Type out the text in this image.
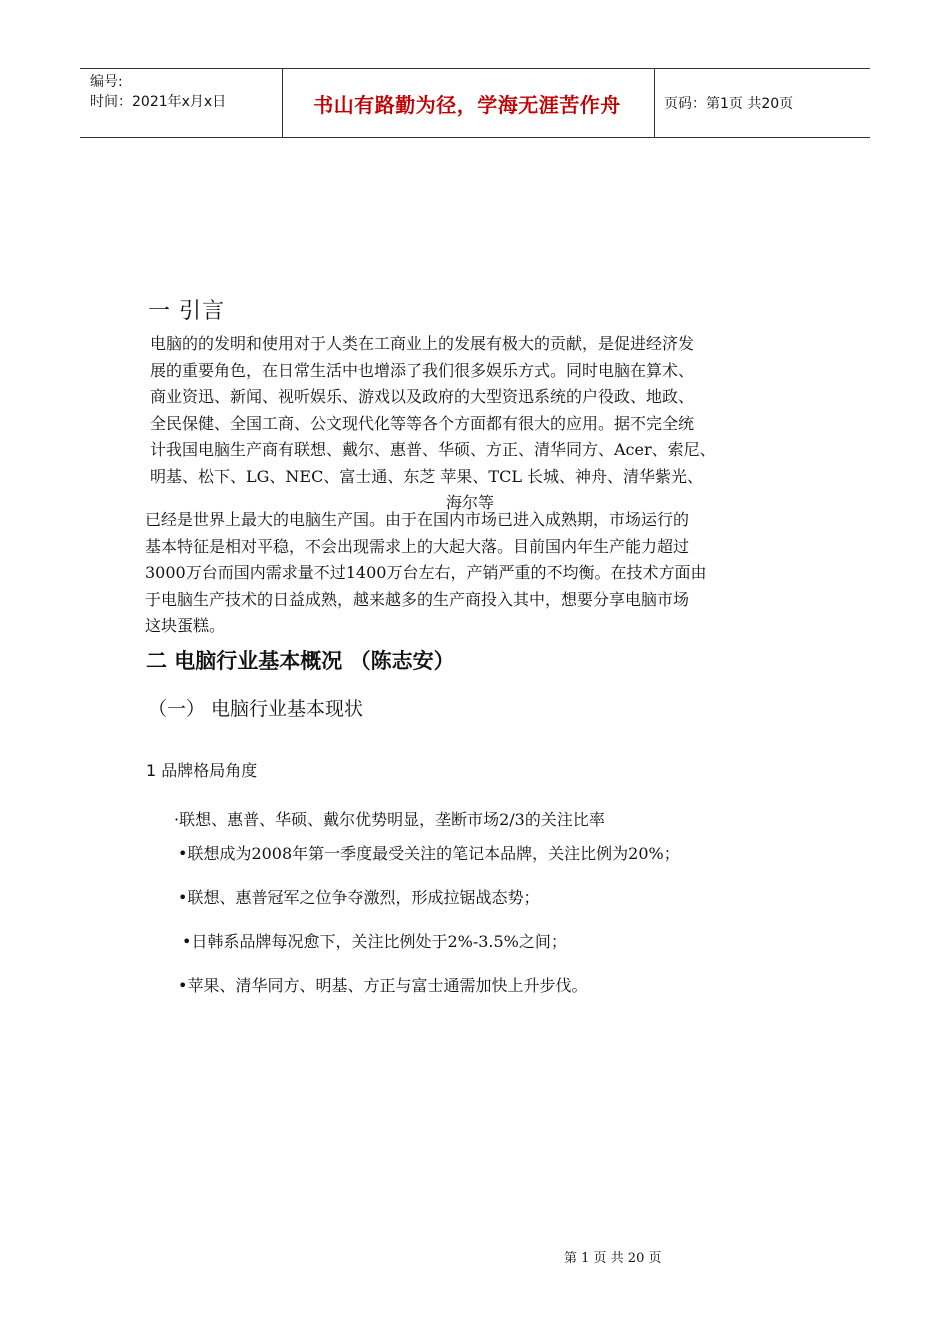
编号:
时间：2021年x月x日	书山有路勤为径，学海无涯苦作舟	页码：第1页 共20页
一 引言

电脑的的发明和使用对于人类在工商业上的发展有极大的贡献，是促进经济发

展的重要角色，在日常生活中也增添了我们很多娱乐方式。同时电脑在算术、

商业资迅、新闻、视听娱乐、游戏以及政府的大型资迅系统的户役政、地政、

全民保健、全国工商、公文现代化等等各个方面都有很大的应用。据不完全统

计我国电脑生产商有联想、戴尔、惠普、华硕、方正、清华同方、Acer、索尼、

明基、松下、LG、NEC、富士通、东芝 苹果、TCL 长城、神舟、清华紫光、

海尔等

已经是世界上最大的电脑生产国。由于在国内市场已进入成熟期，市场运行的

基本特征是相对平稳，不会出现需求上的大起大落。目前国内年生产能力超过

3000万台而国内需求量不过1400万台左右，产销严重的不均衡。在技术方面由

于电脑生产技术的日益成熟，越来越多的生产商投入其中，想要分享电脑市场

这块蛋糕。

二 电脑行业基本概况 （陈志安）
（一） 电脑行业基本现状
1 品牌格局角度
·联想、惠普、华硕、戴尔优势明显，垄断市场2/3的关注比率
•联想成为2008年第一季度最受关注的笔记本品牌，关注比例为20%；
•联想、惠普冠军之位争夺激烈，形成拉锯战态势；
•日韩系品牌每况愈下，关注比例处于2%-3.5%之间；
•苹果、清华同方、明基、方正与富士通需加快上升步伐。
第 1 页 共 20 页
